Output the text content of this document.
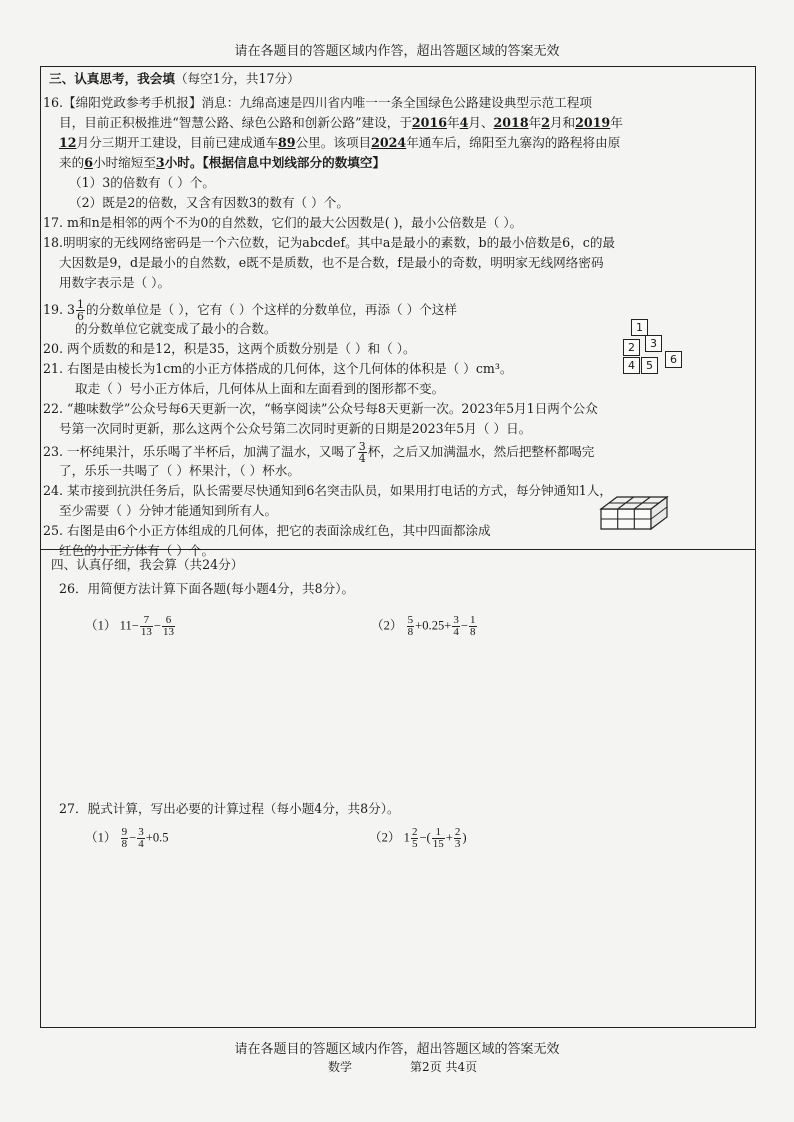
请在各题目的答题区域内作答，超出答题区域的答案无效
三、认真思考，我会填（每空1分，共17分）
16.【绵阳党政参考手机报】消息：九绵高速是四川省内唯一一条全国绿色公路建设典型示范工程项
目，目前正积极推进“智慧公路、绿色公路和创新公路”建设，于2016年4月、2018年2月和2019年
12月分三期开工建设，目前已建成通车89公里。该项目2024年通车后，绵阳至九寨沟的路程将由原
来的6小时缩短至3小时。【根据信息中划线部分的数填空】
（1）3的倍数有（ ）个。
（2）既是2的倍数，又含有因数3的数有（ ）个。
17. m和n是相邻的两个不为0的自然数，它们的最大公因数是( )，最小公倍数是（ ）。
18.明明家的无线网络密码是一个六位数，记为abcdef。其中a是最小的素数，b的最小倍数是6，c的最
大因数是9，d是最小的自然数，e既不是质数，也不是合数，f是最小的奇数，明明家无线网络密码
用数字表示是（ ）。
19. $3 \frac{1}{6}$ 的分数单位是（ ），它有（ ）个这样的分数单位，再添（ ）个这样
的分数单位它就变成了最小的合数。
20. 两个质数的和是12，积是35，这两个质数分别是（ ）和（ ）。
21. 右图是由棱长为1cm的小正方体搭成的几何体，这个几何体的体积是（ ）cm³。
取走（ ）号小正方体后，几何体从上面和左面看到的图形都不变。
1
2	3
4	5	6
22. “趣味数学”公众号每6天更新一次，“畅享阅读”公众号每8天更新一次。2023年5月1日两个公众
号第一次同时更新，那么这两个公众号第二次同时更新的日期是2023年5月（ ）日。
23. 一杯纯果汁，乐乐喝了半杯后，加满了温水，又喝了 $\frac{3}{4}$ 杯，之后又加满温水，然后把整杯都喝完
了，乐乐一共喝了（ ）杯果汁，（ ）杯水。
24. 某市接到抗洪任务后，队长需要尽快通知到6名突击队员，如果用打电话的方式，每分钟通知1人，
至少需要（ ）分钟才能通知到所有人。
25. 右图是由6个小正方体组成的几何体，把它的表面涂成红色，其中四面都涂成
红色的小正方体有（ ）个。
四、认真仔细，我会算（共24分）
26．用简便方法计算下面各题(每小题4分，共8分）。
（1） $11- \frac{7}{13} - \frac{6}{13}$	$(2) \frac{5}{8} +0.25+ \frac{3}{4} - \frac{1}{8}$
27．脱式计算，写出必要的计算过程（每小题4分，共8分）。
$(1) \frac{9}{8} - \frac{3}{4} +0.5$	（2） $1 \frac{2}{5}$ −( $\frac{1}{15} + \frac{2}{3}$ )
请在各题目的答题区域内作答，超出答题区域的答案无效
数学	第2页 共4页
